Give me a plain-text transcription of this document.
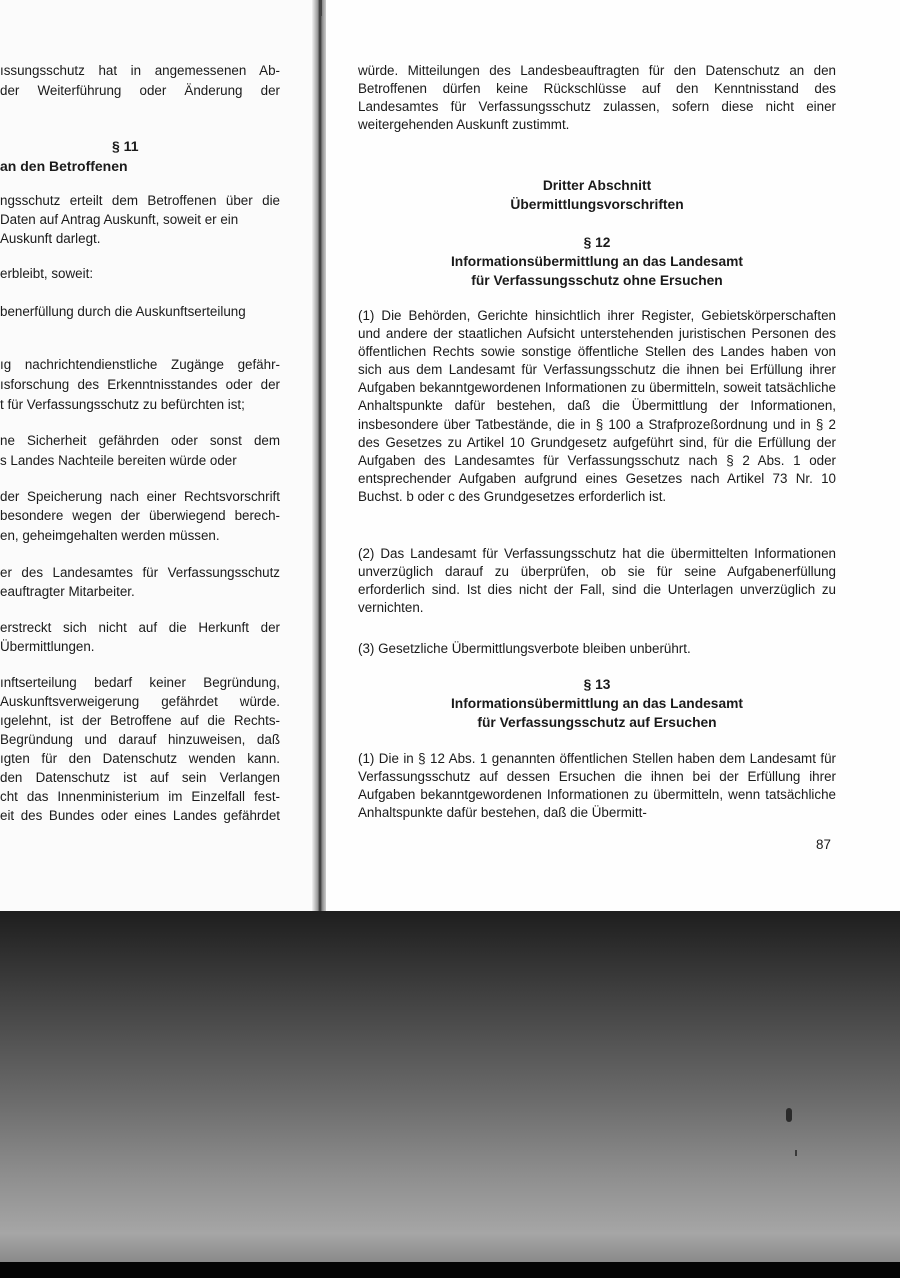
ıssungsschutz hat in angemessenen Ab-
der Weiterführung oder Änderung der
§ 11
an den Betroffenen
ngsschutz erteilt dem Betroffenen über die
Daten auf Antrag Auskunft, soweit er ein
Auskunft darlegt.
erbleibt, soweit:
benerfüllung durch die Auskunftserteilung
ıg nachrichtendienstliche Zugänge gefähr-
ısforschung des Erkenntnisstandes oder der
t für Verfassungsschutz zu befürchten ist;
ne Sicherheit gefährden oder sonst dem
s Landes Nachteile bereiten würde oder
der Speicherung nach einer Rechtsvorschrift
besondere wegen der überwiegend berech-
en, geheimgehalten werden müssen.
er des Landesamtes für Verfassungsschutz
eauftragter Mitarbeiter.
erstreckt sich nicht auf die Herkunft der
Übermittlungen.
ınftserteilung bedarf keiner Begründung,
Auskunftsverweigerung gefährdet würde.
ıgelehnt, ist der Betroffene auf die Rechts-
Begründung und darauf hinzuweisen, daß
ıgten für den Datenschutz wenden kann.
den Datenschutz ist auf sein Verlangen
cht das Innenministerium im Einzelfall fest-
eit des Bundes oder eines Landes gefährdet

würde. Mitteilungen des Landesbeauftragten für den Datenschutz an den Betroffenen dürfen keine Rückschlüsse auf den Kenntnisstand des Landesamtes für Verfassungsschutz zulassen, sofern diese nicht einer weitergehenden Auskunft zustimmt.

Dritter Abschnitt

Übermittlungsvorschriften

§ 12

Informationsübermittlung an das Landesamt

für Verfassungsschutz ohne Ersuchen

(1) Die Behörden, Gerichte hinsichtlich ihrer Register, Gebietskörperschaften und andere der staatlichen Aufsicht unterstehenden juristischen Personen des öffentlichen Rechts sowie sonstige öffentliche Stellen des Landes haben von sich aus dem Landesamt für Verfassungsschutz die ihnen bei Erfüllung ihrer Aufgaben bekanntgewordenen Informationen zu übermitteln, soweit tatsächliche Anhaltspunkte dafür bestehen, daß die Übermittlung der Informationen, insbesondere über Tatbestände, die in § 100 a Strafprozeßordnung und in § 2 des Gesetzes zu Artikel 10 Grundgesetz aufgeführt sind, für die Erfüllung der Aufgaben des Landesamtes für Verfassungsschutz nach § 2 Abs. 1 oder entsprechender Aufgaben aufgrund eines Gesetzes nach Artikel 73 Nr. 10 Buchst. b oder c des Grundgesetzes erforderlich ist.

(2) Das Landesamt für Verfassungsschutz hat die übermittelten Informationen unverzüglich darauf zu überprüfen, ob sie für seine Aufgabenerfüllung erforderlich sind. Ist dies nicht der Fall, sind die Unterlagen unverzüglich zu vernichten.

(3) Gesetzliche Übermittlungsverbote bleiben unberührt.

§ 13

Informationsübermittlung an das Landesamt

für Verfassungsschutz auf Ersuchen

(1) Die in § 12 Abs. 1 genannten öffentlichen Stellen haben dem Landesamt für Verfassungsschutz auf dessen Ersuchen die ihnen bei der Erfüllung ihrer Aufgaben bekanntgewordenen Informationen zu übermitteln, wenn tatsächliche Anhaltspunkte dafür bestehen, daß die Übermitt-

87
